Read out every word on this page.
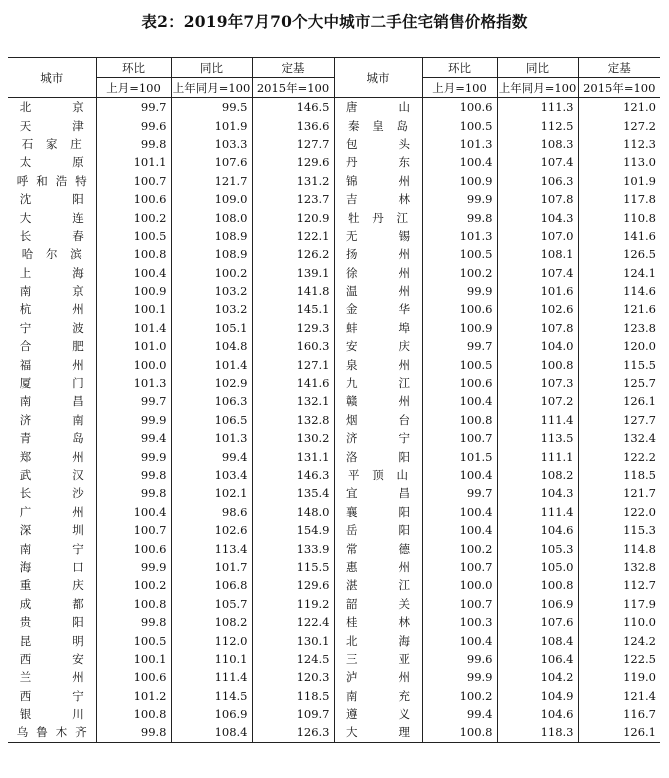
表2：2019年7月70个大中城市二手住宅销售价格指数
城市	环比	同比	定基	城市	环比	同比	定基
	上月=100	上年同月=100	2015年=100		上月=100	上年同月=100	2015年=100
北京	99.7	99.5	146.5	唐山	100.6	111.3	121.0
天津	99.6	101.9	136.6	秦皇岛	100.5	112.5	127.2
石家庄	99.8	103.3	127.7	包头	101.3	108.3	112.3
太原	101.1	107.6	129.6	丹东	100.4	107.4	113.0
呼和浩特	100.7	121.7	131.2	锦州	100.9	106.3	101.9
沈阳	100.6	109.0	123.7	吉林	99.9	107.8	117.8
大连	100.2	108.0	120.9	牡丹江	99.8	104.3	110.8
长春	100.5	108.9	122.1	无锡	101.3	107.0	141.6
哈尔滨	100.8	108.9	126.2	扬州	100.5	108.1	126.5
上海	100.4	100.2	139.1	徐州	100.2	107.4	124.1
南京	100.9	103.2	141.8	温州	99.9	101.6	114.6
杭州	100.1	103.2	145.1	金华	100.6	102.6	121.6
宁波	101.4	105.1	129.3	蚌埠	100.9	107.8	123.8
合肥	101.0	104.8	160.3	安庆	99.7	104.0	120.0
福州	100.0	101.4	127.1	泉州	100.5	100.8	115.5
厦门	101.3	102.9	141.6	九江	100.6	107.3	125.7
南昌	99.7	106.3	132.1	赣州	100.4	107.2	126.1
济南	99.9	106.5	132.8	烟台	100.8	111.4	127.7
青岛	99.4	101.3	130.2	济宁	100.7	113.5	132.4
郑州	99.9	99.4	131.1	洛阳	101.5	111.1	122.2
武汉	99.8	103.4	146.3	平顶山	100.4	108.2	118.5
长沙	99.8	102.1	135.4	宜昌	99.7	104.3	121.7
广州	100.4	98.6	148.0	襄阳	100.4	111.4	122.0
深圳	100.7	102.6	154.9	岳阳	100.4	104.6	115.3
南宁	100.6	113.4	133.9	常德	100.2	105.3	114.8
海口	99.9	101.7	115.5	惠州	100.7	105.0	132.8
重庆	100.2	106.8	129.6	湛江	100.0	100.8	112.7
成都	100.8	105.7	119.2	韶关	100.7	106.9	117.9
贵阳	99.8	108.2	122.4	桂林	100.3	107.6	110.0
昆明	100.5	112.0	130.1	北海	100.4	108.4	124.2
西安	100.1	110.1	124.5	三亚	99.6	106.4	122.5
兰州	100.6	111.4	120.3	泸州	99.9	104.2	119.0
西宁	101.2	114.5	118.5	南充	100.2	104.9	121.4
银川	100.8	106.9	109.7	遵义	99.4	104.6	116.7
乌鲁木齐	99.8	108.4	126.3	大理	100.8	118.3	126.1
